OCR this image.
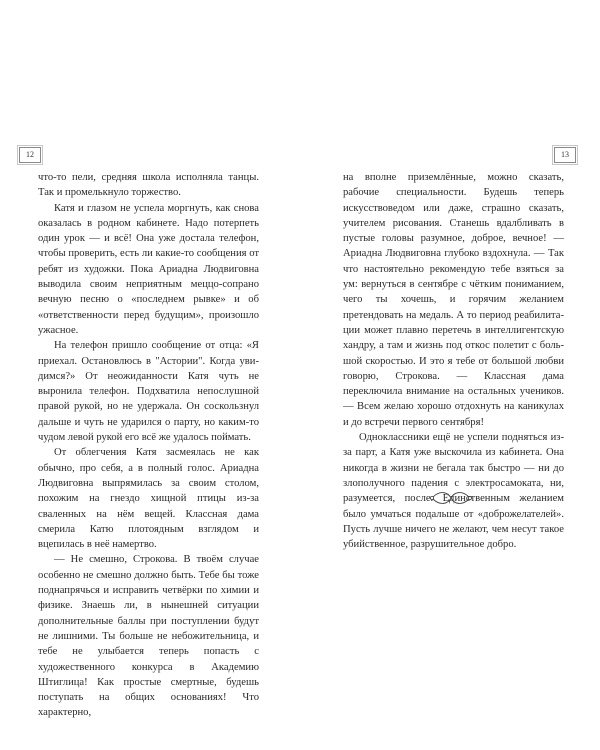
12

что-то пели, средняя школа исполняла танцы. Так и промелькнуло торжество.

Катя и глазом не успела моргнуть, как снова оказалась в родном кабинете. Надо потерпеть один урок — и всё! Она уже достала телефон, чтобы проверить, есть ли какие-то сообщения от ребят из художки. Пока Ариадна Людвиговна выводила своим неприятным меццо-сопрано вечную песню о «последнем рывке» и об «ответственности перед будущим», произошло ужасное.

На телефон пришло сообщение от отца: «Я приехал. Остановлюсь в "Астории". Когда увидимся?» От неожиданности Катя чуть не выронила телефон. Подхватила непослушной правой рукой, но не удержала. Он соскользнул дальше и чуть не ударился о парту, но каким-то чудом левой рукой его всё же удалось поймать.

От облегчения Катя засмеялась не как обычно, про себя, а в полный голос. Ариадна Людвиговна выпрямилась за своим столом, похожим на гнездо хищной птицы из-за сваленных на нём вещей. Классная дама смерила Катю плотоядным взглядом и вцепилась в неё намертво.

— Не смешно, Строкова. В твоём случае особенно не смешно должно быть. Тебе бы тоже поднапрячься и исправить четвёрки по химии и физике. Знаешь ли, в нынешней ситуации дополнительные баллы при поступлении будут не лишними. Ты больше не небожительница, и тебе не улыбается теперь попасть с художественного конкурса в Академию Штиглица! Как простые смертные, будешь поступать на общих основаниях! Что характерно,

13

на вполне приземлённые, можно сказать, рабочие специальности. Будешь теперь искусствоведом или даже, страшно сказать, учителем рисования. Станешь вдалбливать в пустые головы разумное, доброе, вечное! — Ариадна Людвиговна глубоко вздохнула. — Так что настоятельно рекомендую тебе взяться за ум: вернуться в сентябре с чётким пониманием, чего ты хочешь, и горячим желанием претендовать на медаль. А то период реабилитации может плавно перетечь в интеллигентскую хандру, а там и жизнь под откос полетит с большой скоростью. И это я тебе от большой любви говорю, Строкова. — Классная дама переключила внимание на остальных учеников. — Всем желаю хорошо отдохнуть на каникулах и до встречи первого сентября!

Одноклассники ещё не успели подняться из-за парт, а Катя уже выскочила из кабинета. Она никогда в жизни не бегала так быстро — ни до злополучного падения с электросамоката, ни, разумеется, после. Единственным желанием было умчаться подальше от «доброжелателей». Пусть лучше ничего не желают, чем несут такое убийственное, разрушительное добро.
